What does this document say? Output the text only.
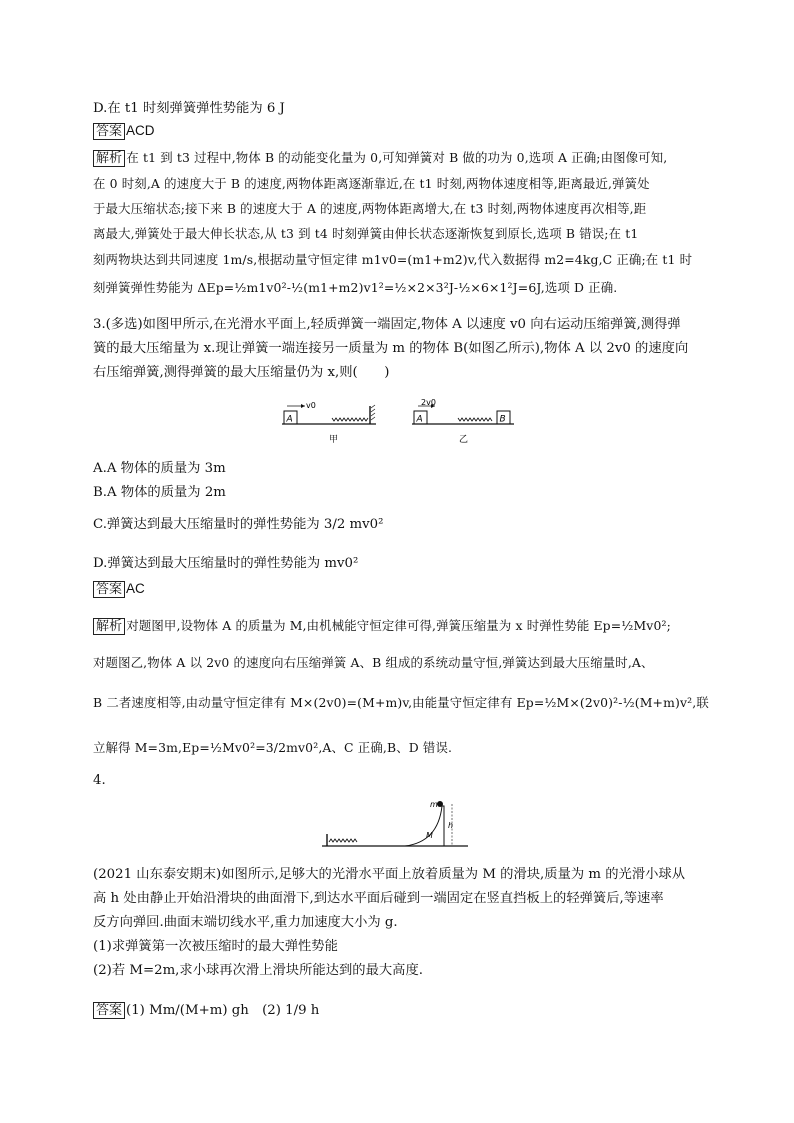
D.在 t1 时刻弹簧弹性势能为 6 J
答案 ACD
解析 在 t1 到 t3 过程中,物体 B 的动能变化量为 0,可知弹簧对 B 做的功为 0,选项 A 正确;由图像可知,
在 0 时刻,A 的速度大于 B 的速度,两物体距离逐渐靠近,在 t1 时刻,两物体速度相等,距离最近,弹簧处
于最大压缩状态;接下来 B 的速度大于 A 的速度,两物体距离增大,在 t3 时刻,两物体速度再次相等,距
离最大,弹簧处于最大伸长状态,从 t3 到 t4 时刻弹簧由伸长状态逐渐恢复到原长,选项 B 错误;在 t1
刻两物块达到共同速度 1m/s,根据动量守恒定律 m1v0=(m1+m2)v,代入数据得 m2=4kg,C 正确;在 t1 时
刻弹簧弹性势能为 ΔEp=½m1v0²-½(m1+m2)v1²=½×2×3²J-½×6×1²J=6J,选项 D 正确.
3.(多选)如图甲所示,在光滑水平面上,轻质弹簧一端固定,物体 A 以速度 v0 向右运动压缩弹簧,测得弹
簧的最大压缩量为 x.现让弹簧一端连接另一质量为 m 的物体 B(如图乙所示),物体 A 以 2v0 的速度向
右压缩弹簧,测得弹簧的最大压缩量仍为 x,则(　　)
A
v0
甲
A
2v0
B
乙
A.A 物体的质量为 3m
B.A 物体的质量为 2m
C.弹簧达到最大压缩量时的弹性势能为 3/2 mv0²
D.弹簧达到最大压缩量时的弹性势能为 mv0²
答案 AC
解析 对题图甲,设物体 A 的质量为 M,由机械能守恒定律可得,弹簧压缩量为 x 时弹性势能 Ep=½Mv0²;
对题图乙,物体 A 以 2v0 的速度向右压缩弹簧 A、B 组成的系统动量守恒,弹簧达到最大压缩量时,A、
B 二者速度相等,由动量守恒定律有 M×(2v0)=(M+m)v,由能量守恒定律有 Ep=½M×(2v0)²-½(M+m)v²,联
立解得 M=3m,Ep=½Mv0²=3/2mv0²,A、C 正确,B、D 错误.
4.
m
M
h
(2021 山东泰安期末)如图所示,足够大的光滑水平面上放着质量为 M 的滑块,质量为 m 的光滑小球从
高 h 处由静止开始沿滑块的曲面滑下,到达水平面后碰到一端固定在竖直挡板上的轻弹簧后,等速率
反方向弹回.曲面末端切线水平,重力加速度大小为 g.
(1)求弹簧第一次被压缩时的最大弹性势能
(2)若 M=2m,求小球再次滑上滑块所能达到的最大高度.
答案 (1) Mm/(M+m) gh　(2) 1/9 h
